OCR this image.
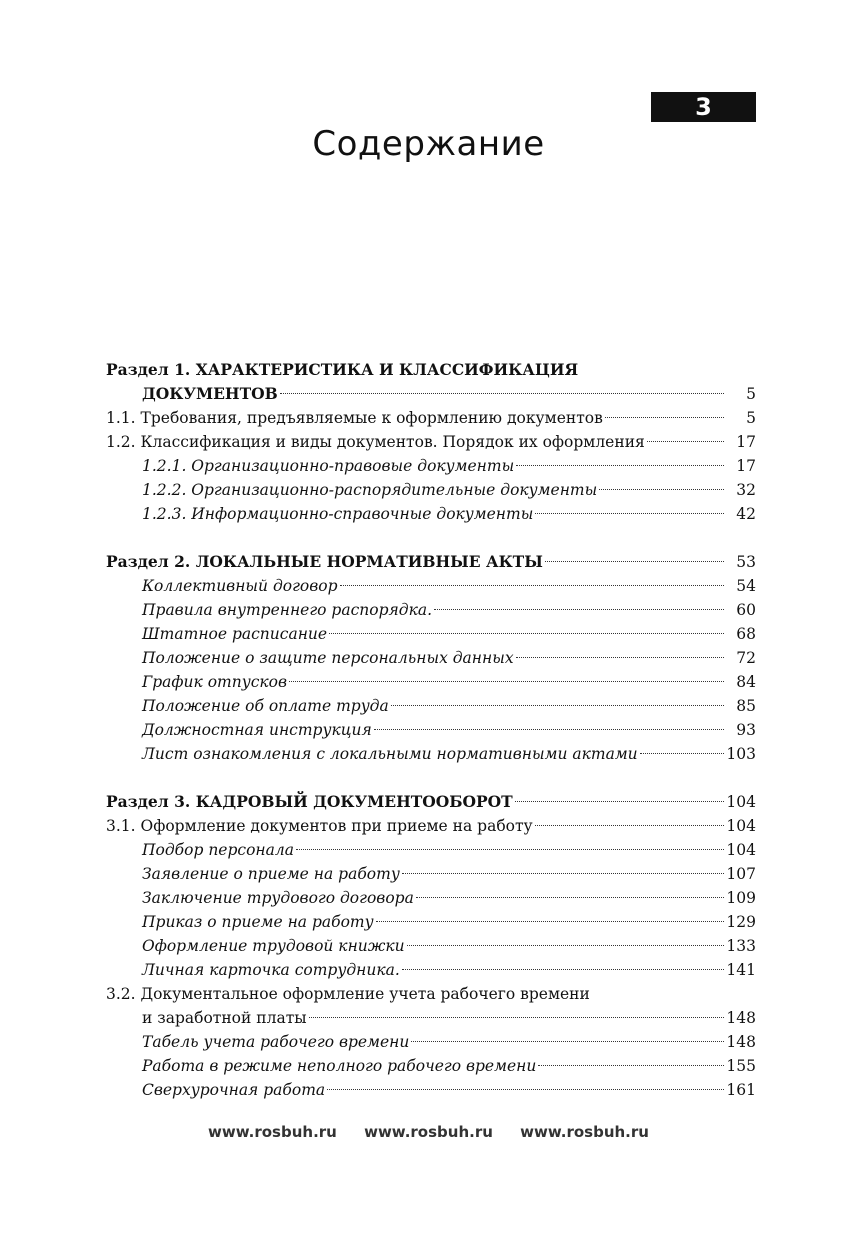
3
Содержание
Раздел 1. ХАРАКТЕРИСТИКА И КЛАССИФИКАЦИЯ
ДОКУМЕНТОВ	5
1.1. Требования, предъявляемые к оформлению документов	5
1.2. Классификация и виды документов. Порядок их оформления	17
1.2.1. Организационно-правовые документы	17
1.2.2. Организационно-распорядительные документы	32
1.2.3. Информационно-справочные документы	42
Раздел 2. ЛОКАЛЬНЫЕ НОРМАТИВНЫЕ АКТЫ	53
Коллективный договор	54
Правила внутреннего распорядка.	60
Штатное расписание	68
Положение о защите персональных данных	72
График отпусков	84
Положение об оплате труда	85
Должностная инструкция	93
Лист ознакомления с локальными нормативными актами	103
Раздел 3. КАДРОВЫЙ ДОКУМЕНТООБОРОТ	104
3.1. Оформление документов при приеме на работу	104
Подбор персонала	104
Заявление о приеме на работу	107
Заключение трудового договора	109
Приказ о приеме на работу	129
Оформление трудовой книжки	133
Личная карточка сотрудника.	141
3.2. Документальное оформление учета рабочего времени
и заработной платы	148
Табель учета рабочего времени	148
Работа в режиме неполного рабочего времени	155
Сверхурочная работа	161
www.rosbuh.ru www.rosbuh.ru www.rosbuh.ru
